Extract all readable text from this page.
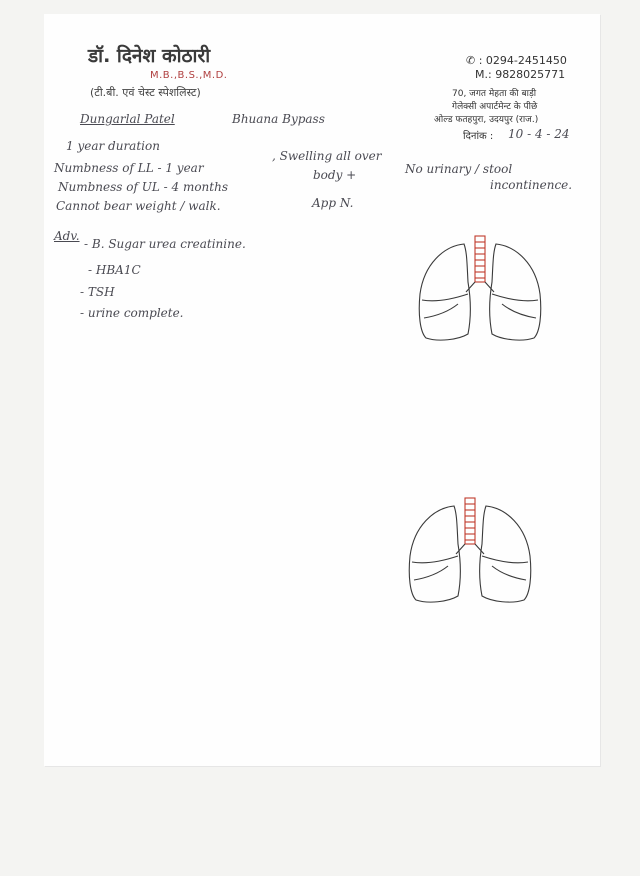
डॉ. दिनेश कोठारी
M.B.,B.S.,M.D.
(टी.बी. एवं चेस्ट स्पेशलिस्ट)
✆ : 0294-2451450
M.: 9828025771
70, जगत मेहता की बाड़ी
गेलेक्सी अपार्टमेन्ट के पीछे
ओल्ड फतहपुरा, उदयपुर (राज.)
दिनांक :
Dungarlal Patel	Bhuana Bypass
10 - 4 - 24
1 year duration
Numbness of LL - 1 year
Numbness of UL - 4 months
Cannot bear weight / walk.
, Swelling all over
body +
App N.
No urinary / stool
incontinence.
Adv.
- B. Sugar urea creatinine.
- HBA1C
- TSH
- urine complete.
